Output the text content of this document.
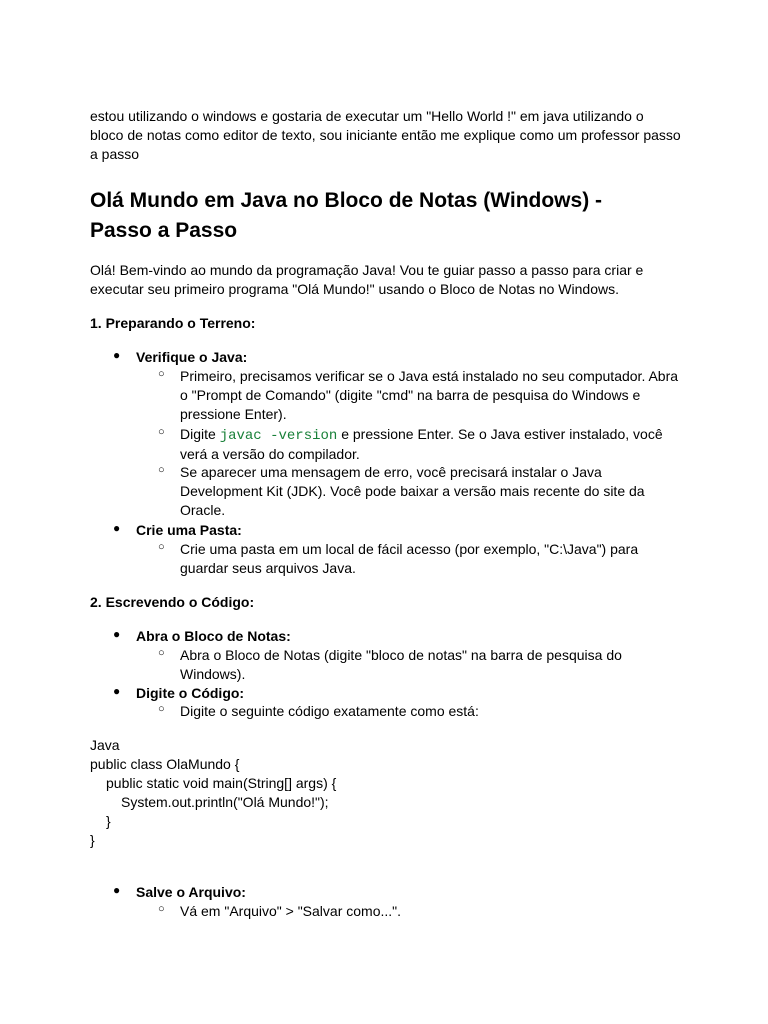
estou utilizando o windows e gostaria de executar um "Hello World !" em java utilizando o

bloco de notas como editor de texto, sou iniciante então me explique como um professor passo

a passo

Olá Mundo em Java no Bloco de Notas (Windows) -
Passo a Passo

Olá! Bem-vindo ao mundo da programação Java! Vou te guiar passo a passo para criar e

executar seu primeiro programa "Olá Mundo!" usando o Bloco de Notas no Windows.

1. Preparando o Terreno:

● Verifique o Java:
○ Primeiro, precisamos verificar se o Java está instalado no seu computador. Abra
o "Prompt de Comando" (digite "cmd" na barra de pesquisa do Windows e
pressione Enter).
○ Digite javac -version e pressione Enter. Se o Java estiver instalado, você
verá a versão do compilador.
○ Se aparecer uma mensagem de erro, você precisará instalar o Java
Development Kit (JDK). Você pode baixar a versão mais recente do site da
Oracle.
● Crie uma Pasta:
○ Crie uma pasta em um local de fácil acesso (por exemplo, "C:\Java") para
guardar seus arquivos Java.

2. Escrevendo o Código:

● Abra o Bloco de Notas:
○ Abra o Bloco de Notas (digite "bloco de notas" na barra de pesquisa do
Windows).
● Digite o Código:
○ Digite o seguinte código exatamente como está:
Java
public class OlaMundo {
public static void main(String[] args) {
System.out.println("Olá Mundo!");
}
}
● Salve o Arquivo:
○ Vá em "Arquivo" > "Salvar como...".
